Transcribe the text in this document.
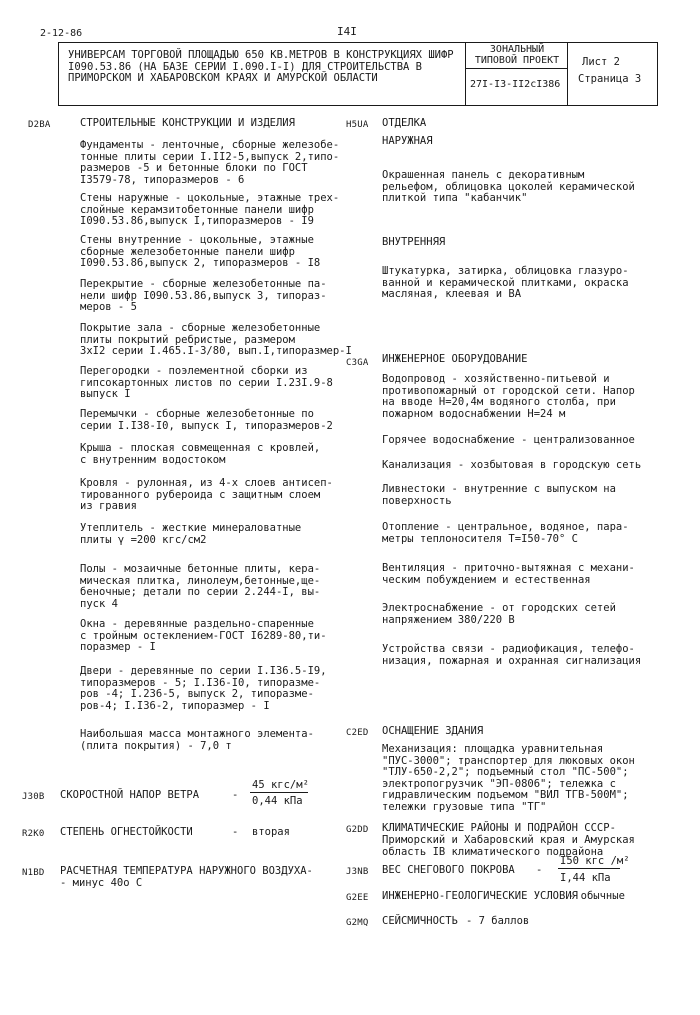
2-12-86	I4I
УНИВЕРСАМ ТОРГОВОЙ ПЛОЩАДЬЮ 650 КВ.МЕТРОВ В КОНСТРУКЦИЯХ ШИФР
I090.53.86 (НА БАЗЕ СЕРИИ I.090.I-I) ДЛЯ СТРОИТЕЛЬСТВА В
ПРИМОРСКОМ И ХАБАРОВСКОМ КРАЯХ И АМУРСКОЙ ОБЛАСТИ
ЗОНАЛЬНЫЙ
ТИПОВОЙ ПРОЕКТ
27I-I3-II2сI386
Лист 2
Страница 3
D2BA	СТРОИТЕЛЬНЫЕ КОНСТРУКЦИИ И ИЗДЕЛИЯ
Фундаменты - ленточные, сборные железобе-
тонные плиты серии I.II2-5,выпуск 2,типо-
размеров -5 и бетонные блоки по ГОСТ
I3579-78, типоразмеров - 6
Стены наружные - цокольные, этажные трех-
слойные керамзитобетонные панели шифр
I090.53.86,выпуск I,типоразмеров - I9
Стены внутренние - цокольные, этажные
сборные железобетонные панели шифр
I090.53.86,выпуск 2, типоразмеров - I8
Перекрытие - сборные железобетонные па-
нели шифр I090.53.86,выпуск 3, типораз-
меров - 5
Покрытие зала - сборные железобетонные
плиты покрытий ребристые, размером
3хI2 серии I.465.I-3/80, вып.I,типоразмер-I
Перегородки - поэлементной сборки из
гипсокартонных листов по серии I.23I.9-8
выпуск I
Перемычки - сборные железобетонные по
серии I.I38-I0, выпуск I, типоразмеров-2
Крыша - плоская совмещенная с кровлей,
с внутренним водостоком
Кровля - рулонная, из 4-х слоев антисеп-
тированного рубероида с защитным слоем
из гравия
Утеплитель - жесткие минераловатные
плиты γ =200 кгс/см2
Полы - мозаичные бетонные плиты, кера-
мическая плитка, линолеум,бетонные,ще-
беночные; детали по серии 2.244-I, вы-
пуск 4
Окна - деревянные раздельно-спаренные
с тройным остеклением-ГОСТ I6289-80,ти-
поразмер - I
Двери - деревянные по серии I.I36.5-I9,
типоразмеров - 5; I.I36-I0, типоразме-
ров -4; I.236-5, выпуск 2, типоразме-
ров-4; I.I36-2, типоразмер - I
Наибольшая масса монтажного элемента-
(плита покрытия) - 7,0 т
J30B СКОРОСТНОЙ НАПОР ВЕТРА	-
45 кгс/м²
0,44 кПа
R2K0 СТЕПЕНЬ ОГНЕСТОЙКОСТИ	- вторая
N1BD РАСЧЕТНАЯ ТЕМПЕРАТУРА НАРУЖНОГО ВОЗДУХА-
- минус 40о С
H5UA ОТДЕЛКА
НАРУЖНАЯ
Окрашенная панель с декоративным
рельефом, облицовка цоколей керамической
плиткой типа "кабанчик"
ВНУТРЕННЯЯ
Штукатурка, затирка, облицовка глазуро-
ванной и керамической плитками, окраска
масляная, клеевая и ВА
C3GA ИНЖЕНЕРНОЕ ОБОРУДОВАНИЕ
Водопровод - хозяйственно-питьевой и
противопожарный от городской сети. Напор
на вводе Н=20,4м водяного столба, при
пожарном водоснабжении Н=24 м
Горячее водоснабжение - централизованное
Канализация - хозбытовая в городскую сеть
Ливнестоки - внутренние с выпуском на
поверхность
Отопление - центральное, водяное, пара-
метры теплоносителя Т=I50-70° С
Вентиляция - приточно-вытяжная с механи-
ческим побуждением и естественная
Электроснабжение - от городских сетей
напряжением 380/220 В
Устройства связи - радиофикация, телефо-
низация, пожарная и охранная сигнализация
C2ED ОСНАЩЕНИЕ ЗДАНИЯ
Механизация: площадка уравнительная
"ПУС-3000"; транспортер для люковых окон
"ТЛУ-650-2,2"; подъемный стол "ПС-500";
электропогрузчик "ЭП-0806"; тележка с
гидравлическим подъемом "ВИЛ ТГВ-500М";
тележки грузовые типа "ТГ"
G2DD КЛИМАТИЧЕСКИЕ РАЙОНЫ И ПОДРАЙОН СССР-
Приморский и Хабаровский края и Амурская
область IВ климатического подрайона
J3NB ВЕС СНЕГОВОГО ПОКРОВА -
I50 кгс /м²
I,44 кПа
G2EE ИНЖЕНЕРНО-ГЕОЛОГИЧЕСКИЕ УСЛОВИЯ
- обычные
G2MQ СЕЙСМИЧНОСТЬ - 7 баллов
